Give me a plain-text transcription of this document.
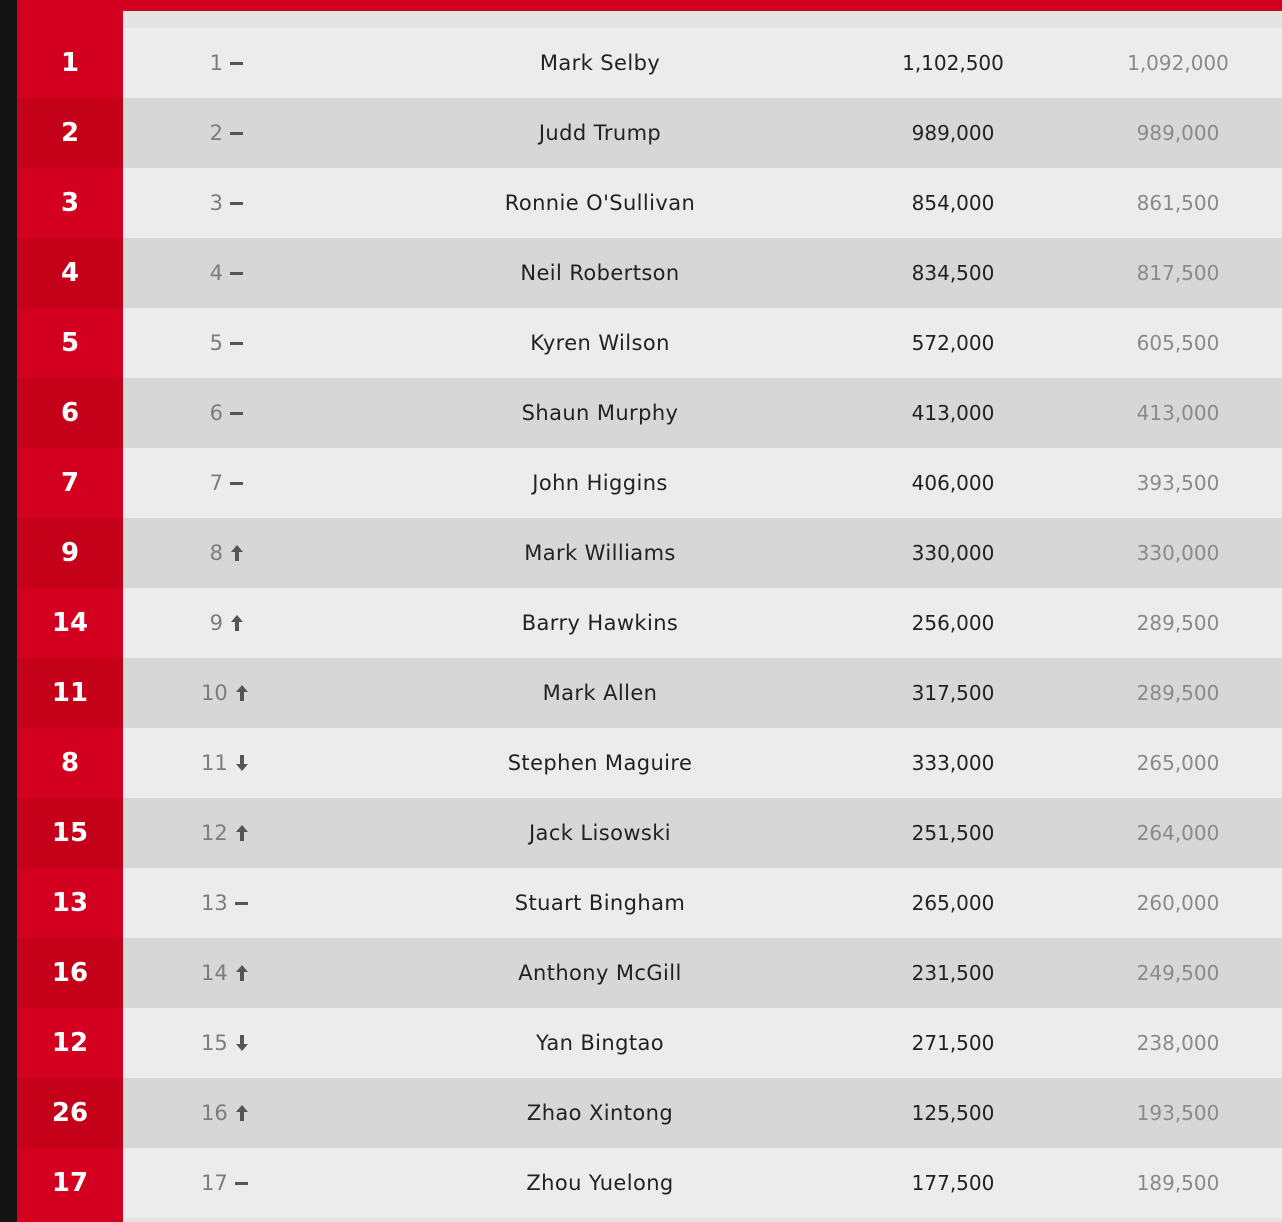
1	1	Mark Selby	1,102,500	1,092,000
2	2	Judd Trump	989,000	989,000
3	3	Ronnie O'Sullivan	854,000	861,500
4	4	Neil Robertson	834,500	817,500
5	5	Kyren Wilson	572,000	605,500
6	6	Shaun Murphy	413,000	413,000
7	7	John Higgins	406,000	393,500
9	8	Mark Williams	330,000	330,000
14	9	Barry Hawkins	256,000	289,500
11	10	Mark Allen	317,500	289,500
8	11	Stephen Maguire	333,000	265,000
15	12	Jack Lisowski	251,500	264,000
13	13	Stuart Bingham	265,000	260,000
16	14	Anthony McGill	231,500	249,500
12	15	Yan Bingtao	271,500	238,000
26	16	Zhao Xintong	125,500	193,500
17	17	Zhou Yuelong	177,500	189,500
